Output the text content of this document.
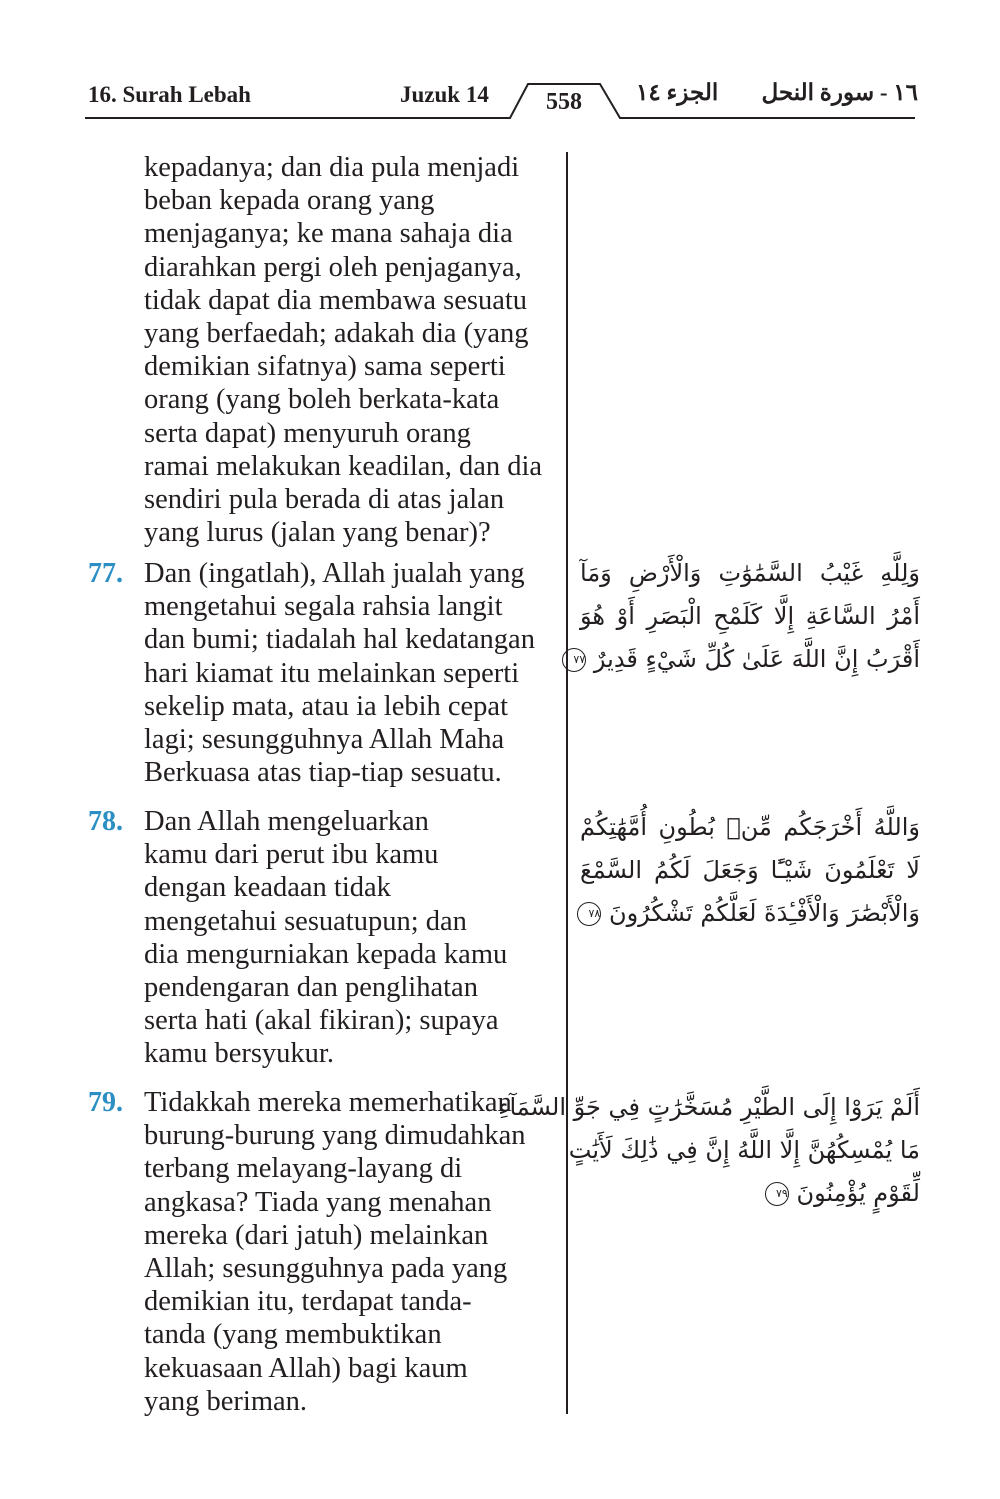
16. Surah Lebah	Juzuk 14	558	الجزء ١٤ ١٦ - سورة النحل
kepadanya; dan dia pula menjadi
beban kepada orang yang
menjaganya; ke mana sahaja dia
diarahkan pergi oleh penjaganya,
tidak dapat dia membawa sesuatu
yang berfaedah; adakah dia (yang
demikian sifatnya) sama seperti
orang (yang boleh berkata-kata
serta dapat) menyuruh orang
ramai melakukan keadilan, dan dia
sendiri pula berada di atas jalan
yang lurus (jalan yang benar)?
77. Dan (ingatlah), Allah jualah yang
mengetahui segala rahsia langit
dan bumi; tiadalah hal kedatangan
hari kiamat itu melainkan seperti
sekelip mata, atau ia lebih cepat
lagi; sesungguhnya Allah Maha
Berkuasa atas tiap-tiap sesuatu.
78. Dan Allah mengeluarkan
kamu dari perut ibu kamu
dengan keadaan tidak
mengetahui sesuatupun; dan
dia mengurniakan kepada kamu
pendengaran dan penglihatan
serta hati (akal fikiran); supaya
kamu bersyukur.
79. Tidakkah mereka memerhatikan
burung-burung yang dimudahkan
terbang melayang-layang di
angkasa? Tiada yang menahan
mereka (dari jatuh) melainkan
Allah; sesungguhnya pada yang
demikian itu, terdapat tanda-
tanda (yang membuktikan
kekuasaan Allah) bagi kaum
yang beriman.
وَلِلَّهِ غَيْبُ السَّمَٰوَٰتِ وَالْأَرْضِ وَمَآ
أَمْرُ السَّاعَةِ إِلَّا كَلَمْحِ الْبَصَرِ أَوْ هُوَ
أَقْرَبُ إِنَّ اللَّهَ عَلَىٰ كُلِّ شَيْءٍ قَدِيرٌ ٧٧
وَاللَّهُ أَخْرَجَكُم مِّنۢ بُطُونِ أُمَّهَٰتِكُمْ
لَا تَعْلَمُونَ شَيْـًٔا وَجَعَلَ لَكُمُ السَّمْعَ
وَالْأَبْصَٰرَ وَالْأَفْـِٔدَةَ لَعَلَّكُمْ تَشْكُرُونَ ٧٨
أَلَمْ يَرَوْا إِلَى الطَّيْرِ مُسَخَّرَٰتٍ فِي جَوِّ السَّمَآءِ
مَا يُمْسِكُهُنَّ إِلَّا اللَّهُ إِنَّ فِي ذَٰلِكَ لَأَيَٰتٍ
لِّقَوْمٍ يُؤْمِنُونَ ٧٩
